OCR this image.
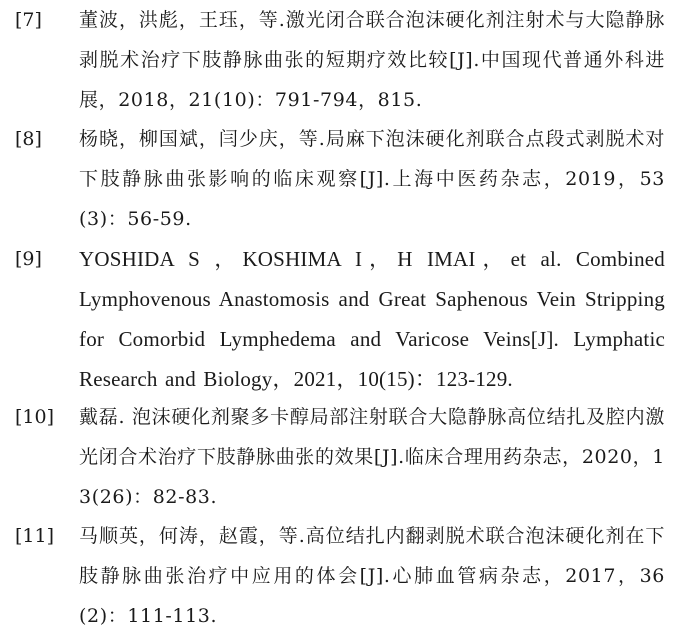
[7] 董波，洪彪，王珏，等.激光闭合联合泡沫硬化剂注射术与大隐静脉剥脱术治疗下肢静脉曲张的短期疗效比较[J].中国现代普通外科进展，2018，21(10)：791-794，815.
[8] 杨晓，柳国斌，闫少庆，等.局麻下泡沫硬化剂联合点段式剥脱术对下肢静脉曲张影响的临床观察[J].上海中医药杂志，2019，53(3)：56-59.
[9] YOSHIDA S ，KOSHIMA I，H IMAI，et al. Combined Lymphovenous Anastomosis and Great Saphenous Vein Stripping for Comorbid Lymphedema and Varicose Veins[J]. Lymphatic Research and Biology，2021，10(15)：123-129.
[10] 戴磊. 泡沫硬化剂聚多卡醇局部注射联合大隐静脉高位结扎及腔内激光闭合术治疗下肢静脉曲张的效果[J].临床合理用药杂志，2020，13(26)：82-83.
[11] 马顺英，何涛，赵霞，等.高位结扎内翻剥脱术联合泡沫硬化剂在下肢静脉曲张治疗中应用的体会[J].心肺血管病杂志，2017，36(2)：111-113.
